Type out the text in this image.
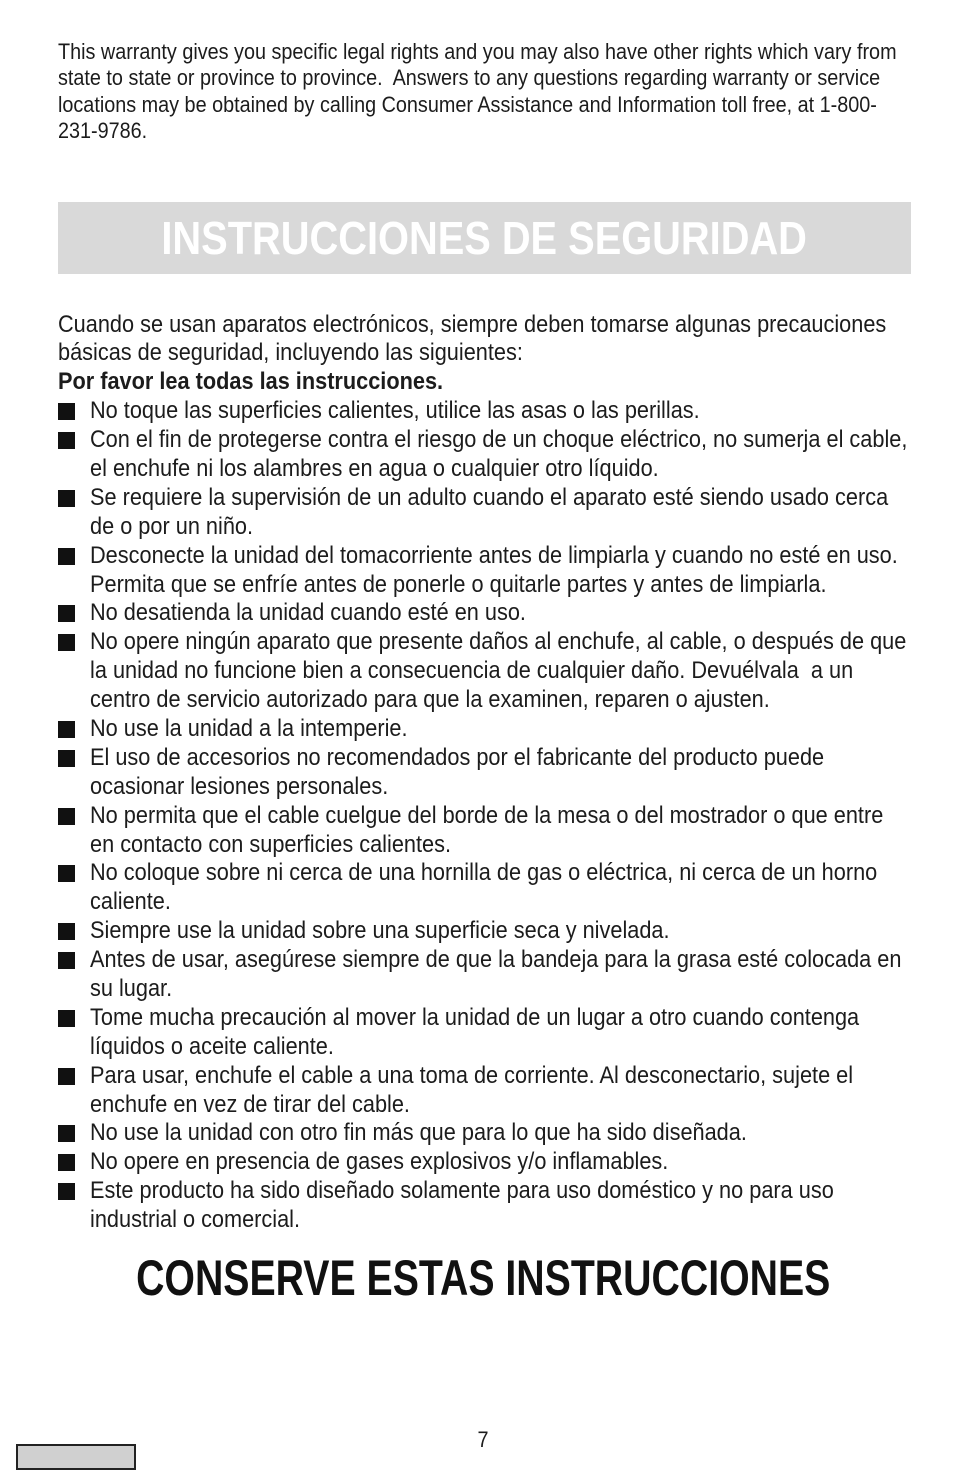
This warranty gives you specific legal rights and you may also have other rights which vary from
state to state or province to province.  Answers to any questions regarding warranty or service
locations may be obtained by calling Consumer Assistance and Information toll free, at 1-800-
231-9786.
INSTRUCCIONES DE SEGURIDAD
Cuando se usan aparatos electrónicos, siempre deben tomarse algunas precauciones
básicas de seguridad, incluyendo las siguientes:
Por favor lea todas las instrucciones.
No toque las superficies calientes, utilice las asas o las perillas.
Con el fin de protegerse contra el riesgo de un choque eléctrico, no sumerja el cable,
el enchufe ni los alambres en agua o cualquier otro líquido.
Se requiere la supervisión de un adulto cuando el aparato esté siendo usado cerca
de o por un niño.
Desconecte la unidad del tomacorriente antes de limpiarla y cuando no esté en uso.
Permita que se enfríe antes de ponerle o quitarle partes y antes de limpiarla.
No desatienda la unidad cuando esté en uso.
No opere ningún aparato que presente daños al enchufe, al cable, o después de que
la unidad no funcione bien a consecuencia de cualquier daño. Devuélvala  a un
centro de servicio autorizado para que la examinen, reparen o ajusten.
No use la unidad a la intemperie.
El uso de accesorios no recomendados por el fabricante del producto puede
ocasionar lesiones personales.
No permita que el cable cuelgue del borde de la mesa o del mostrador o que entre
en contacto con superficies calientes.
No coloque sobre ni cerca de una hornilla de gas o eléctrica, ni cerca de un horno
caliente.
Siempre use la unidad sobre una superficie seca y nivelada.
Antes de usar, asegúrese siempre de que la bandeja para la grasa esté colocada en
su lugar.
Tome mucha precaución al mover la unidad de un lugar a otro cuando contenga
líquidos o aceite caliente.
Para usar, enchufe el cable a una toma de corriente. Al desconectario, sujete el
enchufe en vez de tirar del cable.
No use la unidad con otro fin más que para lo que ha sido diseñada.
No opere en presencia de gases explosivos y/o inflamables.
Este producto ha sido diseñado solamente para uso doméstico y no para uso
industrial o comercial.
CONSERVE ESTAS INSTRUCCIONES
7
